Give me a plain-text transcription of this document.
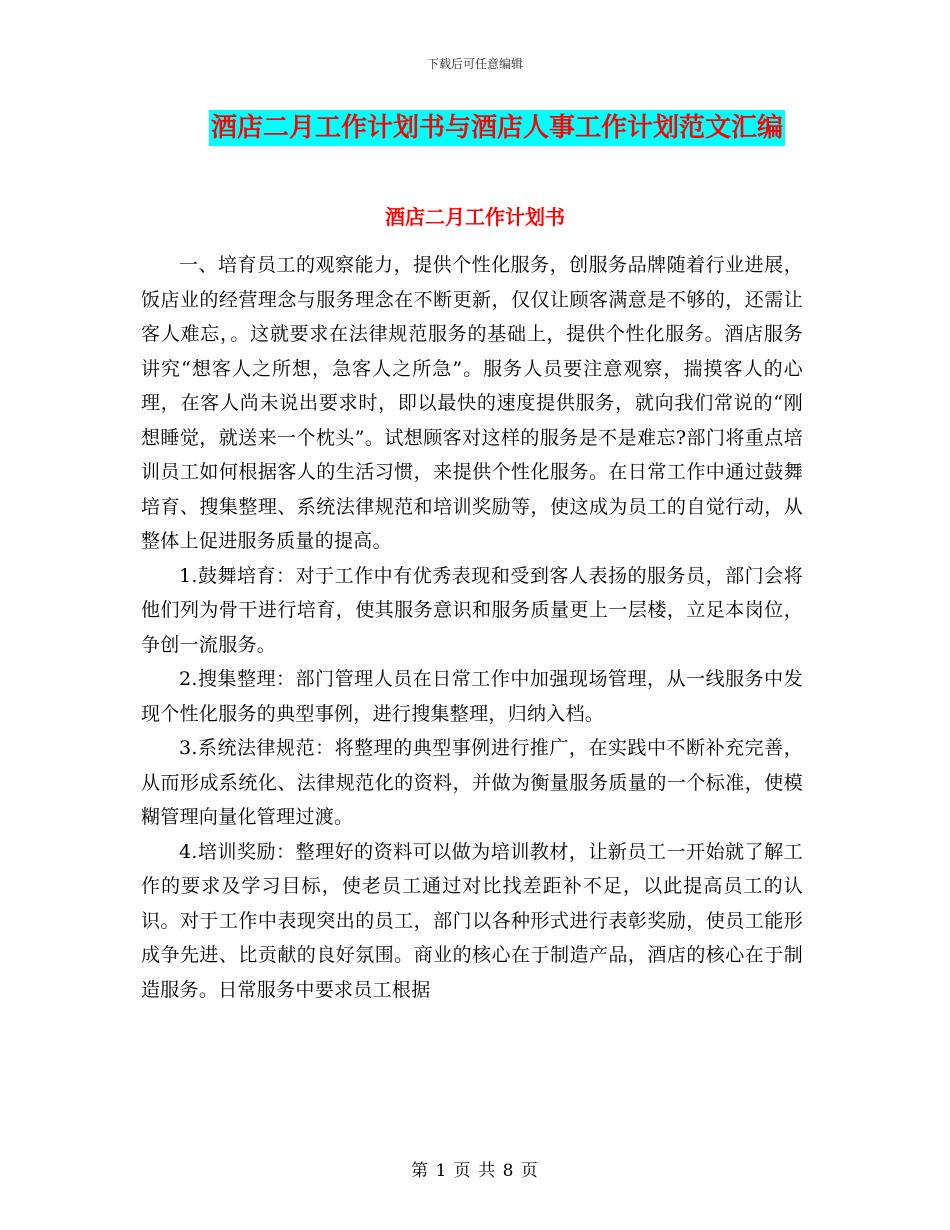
下载后可任意编辑
酒店二月工作计划书与酒店人事工作计划范文汇编
酒店二月工作计划书

一、培育员工的观察能力，提供个性化服务，创服务品牌随着行业进展，饭店业的经营理念与服务理念在不断更新，仅仅让顾客满意是不够的，还需让客人难忘，。这就要求在法律规范服务的基础上，提供个性化服务。酒店服务讲究“想客人之所想，急客人之所急”。服务人员要注意观察，揣摸客人的心理，在客人尚未说出要求时，即以最快的速度提供服务，就向我们常说的“刚想睡觉，就送来一个枕头”。试想顾客对这样的服务是不是难忘?部门将重点培训员工如何根据客人的生活习惯，来提供个性化服务。在日常工作中通过鼓舞培育、搜集整理、系统法律规范和培训奖励等，使这成为员工的自觉行动，从整体上促进服务质量的提高。

1.鼓舞培育：对于工作中有优秀表现和受到客人表扬的服务员，部门会将他们列为骨干进行培育，使其服务意识和服务质量更上一层楼，立足本岗位，争创一流服务。

2.搜集整理：部门管理人员在日常工作中加强现场管理，从一线服务中发现个性化服务的典型事例，进行搜集整理，归纳入档。

3.系统法律规范：将整理的典型事例进行推广，在实践中不断补充完善，从而形成系统化、法律规范化的资料，并做为衡量服务质量的一个标准，使模糊管理向量化管理过渡。

4.培训奖励：整理好的资料可以做为培训教材，让新员工一开始就了解工作的要求及学习目标，使老员工通过对比找差距补不足，以此提高员工的认识。对于工作中表现突出的员工，部门以各种形式进行表彰奖励，使员工能形成争先进、比贡献的良好氛围。商业的核心在于制造产品，酒店的核心在于制造服务。日常服务中要求员工根据

第 1 页 共 8 页
